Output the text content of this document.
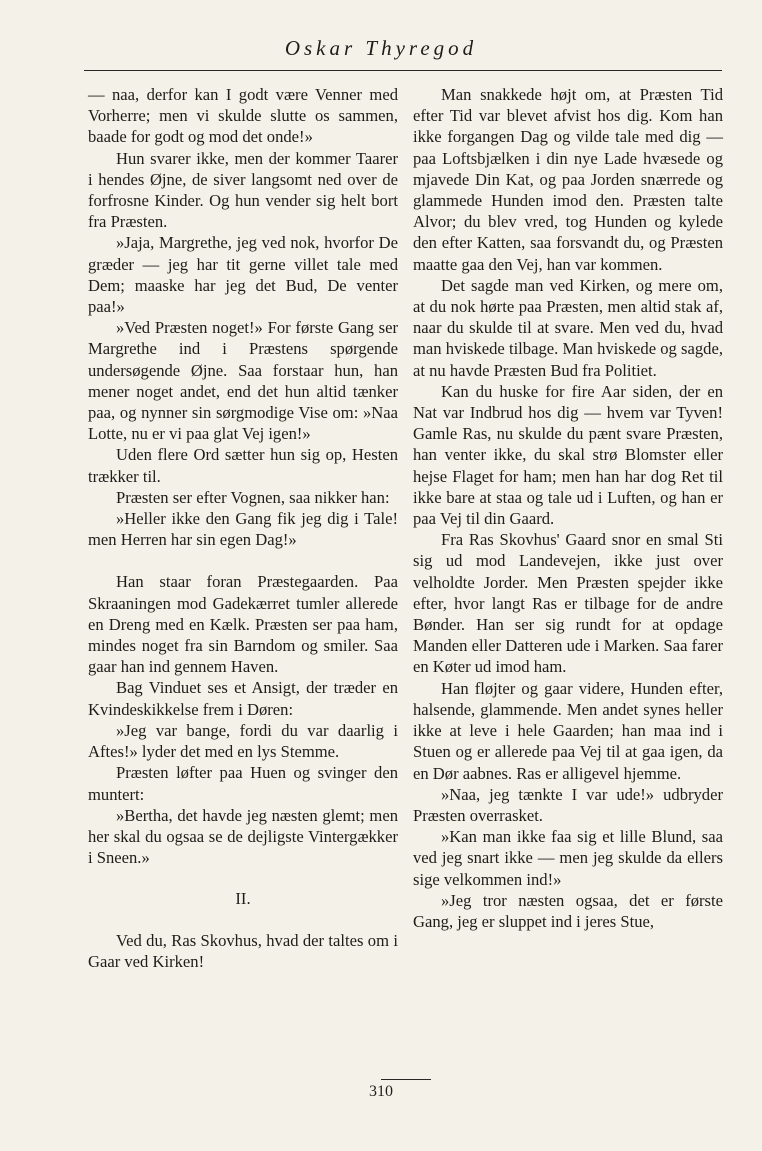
Oskar Thyregod

— naa, derfor kan I godt være Venner med Vorherre; men vi skulde slutte os sammen, baade for godt og mod det onde!»

Hun svarer ikke, men der kommer Taarer i hendes Øjne, de siver langsomt ned over de forfrosne Kinder. Og hun vender sig helt bort fra Præsten.

»Jaja, Margrethe, jeg ved nok, hvorfor De græder — jeg har tit gerne villet tale med Dem; maaske har jeg det Bud, De venter paa!»

»Ved Præsten noget!» For første Gang ser Margrethe ind i Præstens spørgende undersøgende Øjne. Saa forstaar hun, han mener noget andet, end det hun altid tænker paa, og nynner sin sørgmodige Vise om: »Naa Lotte, nu er vi paa glat Vej igen!»

Uden flere Ord sætter hun sig op, Hesten trækker til.

Præsten ser efter Vognen, saa nikker han:

»Heller ikke den Gang fik jeg dig i Tale! men Herren har sin egen Dag!»

Han staar foran Præstegaarden. Paa Skraaningen mod Gadekærret tumler allerede en Dreng med en Kælk. Præsten ser paa ham, mindes noget fra sin Barndom og smiler. Saa gaar han ind gennem Haven.

Bag Vinduet ses et Ansigt, der træder en Kvindeskikkelse frem i Døren:

»Jeg var bange, fordi du var daarlig i Aftes!» lyder det med en lys Stemme.

Præsten løfter paa Huen og svinger den muntert:

»Bertha, det havde jeg næsten glemt; men her skal du ogsaa se de dejligste Vintergækker i Sneen.»

II.

Ved du, Ras Skovhus, hvad der taltes om i Gaar ved Kirken!

Man snakkede højt om, at Præsten Tid efter Tid var blevet afvist hos dig. Kom han ikke forgangen Dag og vilde tale med dig — paa Loftsbjælken i din nye Lade hvæsede og mjavede Din Kat, og paa Jorden snærrede og glammede Hunden imod den. Præsten talte Alvor; du blev vred, tog Hunden og kylede den efter Katten, saa forsvandt du, og Præsten maatte gaa den Vej, han var kommen.

Det sagde man ved Kirken, og mere om, at du nok hørte paa Præsten, men altid stak af, naar du skulde til at svare. Men ved du, hvad man hviskede tilbage. Man hviskede og sagde, at nu havde Præsten Bud fra Politiet.

Kan du huske for fire Aar siden, der en Nat var Indbrud hos dig — hvem var Tyven! Gamle Ras, nu skulde du pænt svare Præsten, han venter ikke, du skal strø Blomster eller hejse Flaget for ham; men han har dog Ret til ikke bare at staa og tale ud i Luften, og han er paa Vej til din Gaard.

Fra Ras Skovhus' Gaard snor en smal Sti sig ud mod Landevejen, ikke just over velholdte Jorder. Men Præsten spejder ikke efter, hvor langt Ras er tilbage for de andre Bønder. Han ser sig rundt for at opdage Manden eller Datteren ude i Marken. Saa farer en Køter ud imod ham.

Han fløjter og gaar videre, Hunden efter, halsende, glammende. Men andet synes heller ikke at leve i hele Gaarden; han maa ind i Stuen og er allerede paa Vej til at gaa igen, da en Dør aabnes. Ras er alligevel hjemme.

»Naa, jeg tænkte I var ude!» udbryder Præsten overrasket.

»Kan man ikke faa sig et lille Blund, saa ved jeg snart ikke — men jeg skulde da ellers sige velkommen ind!»

»Jeg tror næsten ogsaa, det er første Gang, jeg er sluppet ind i jeres Stue,

310
